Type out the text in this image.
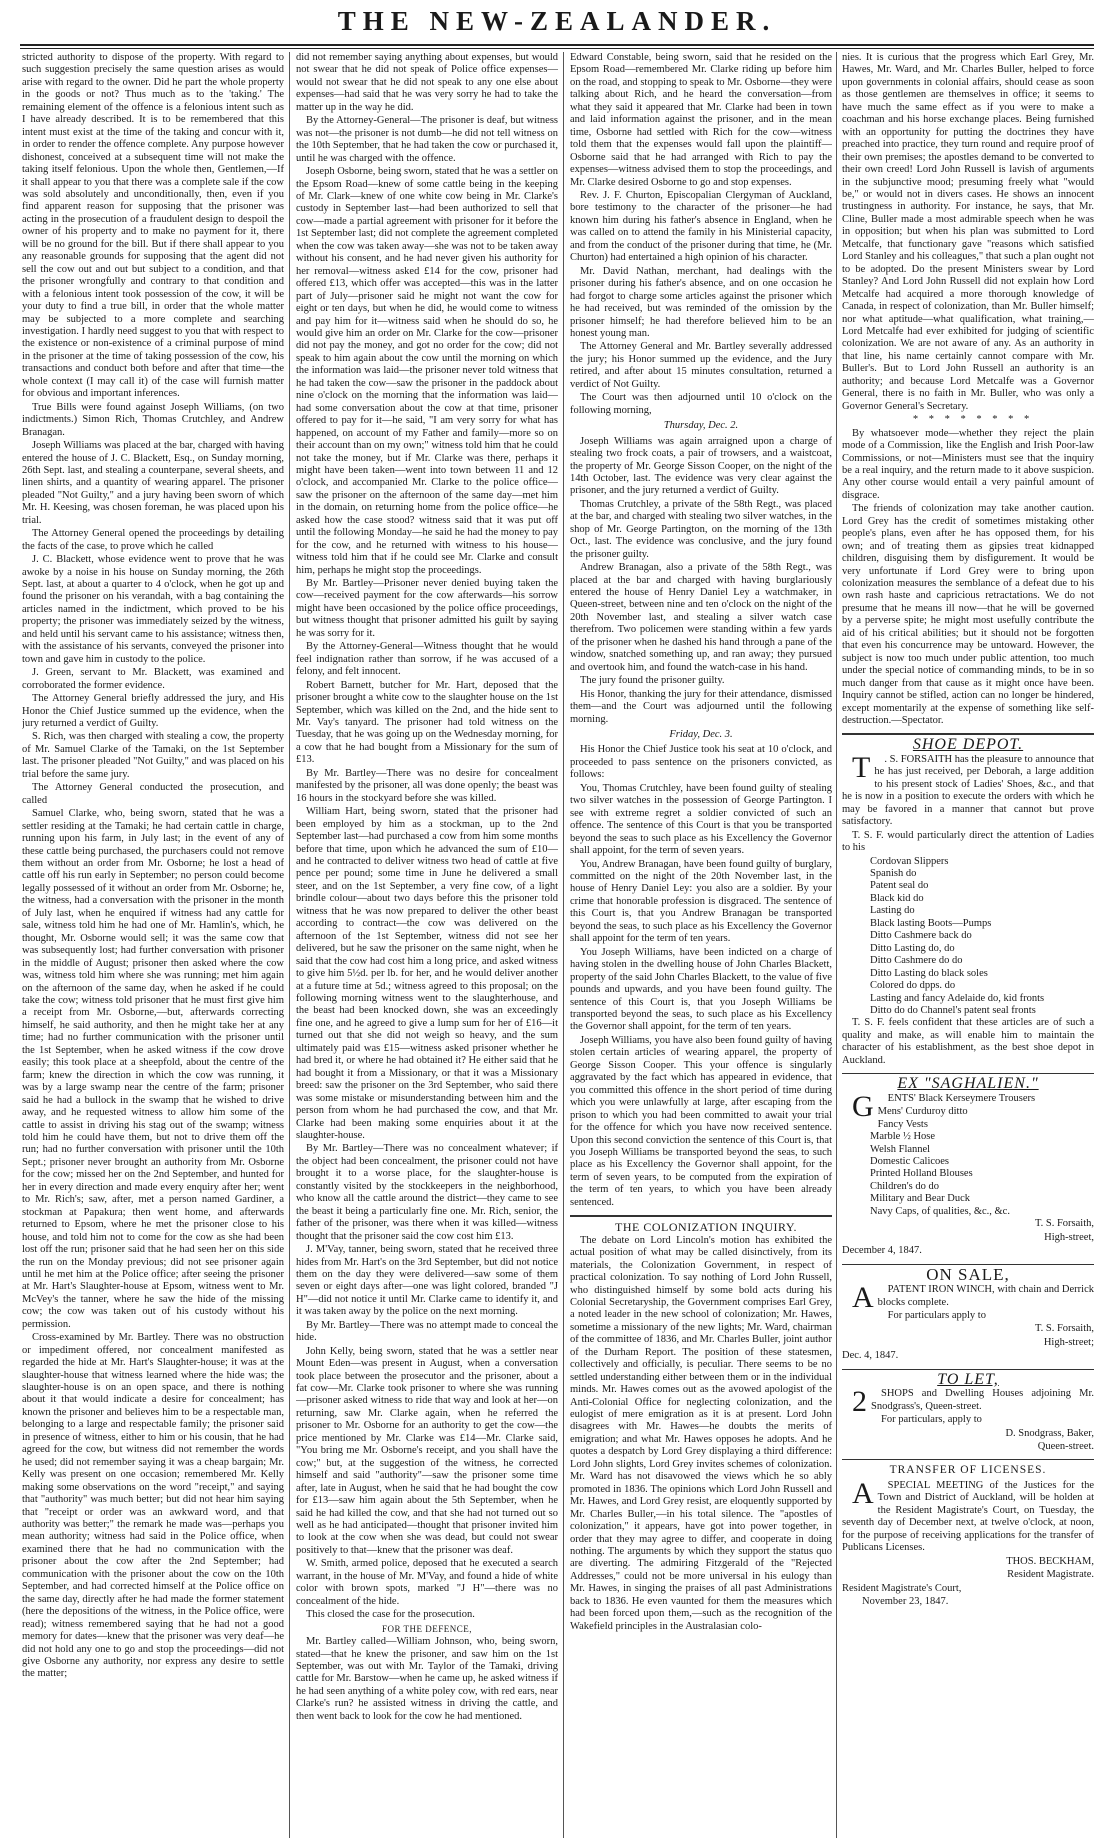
THE NEW-ZEALANDER.

stricted authority to dispose of the property. With regard to such suggestion precisely the same question arises as would arise with regard to the owner. Did he part the whole property in the goods or not? Thus much as to the 'taking.' The remaining element of the offence is a felonious intent such as I have already described. It is to be remembered that this intent must exist at the time of the taking and concur with it, in order to render the offence complete. Any purpose however dishonest, conceived at a subsequent time will not make the taking itself felonious. Upon the whole then, Gentlemen,—If it shall appear to you that there was a complete sale if the cow was sold absolutely and unconditionally, then, even if you find apparent reason for supposing that the prisoner was acting in the prosecution of a fraudulent design to despoil the owner of his property and to make no payment for it, there will be no ground for the bill. But if there shall appear to you any reasonable grounds for supposing that the agent did not sell the cow out and out but subject to a condition, and that the prisoner wrongfully and contrary to that condition and with a felonious intent took possession of the cow, it will be your duty to find a true bill, in order that the whole matter may be subjected to a more complete and searching investigation. I hardly need suggest to you that with respect to the existence or non-existence of a criminal purpose of mind in the prisoner at the time of taking possession of the cow, his transactions and conduct both before and after that time—the whole context (I may call it) of the case will furnish matter for obvious and important inferences.

True Bills were found against Joseph Williams, (on two indictments.) Simon Rich, Thomas Crutchley, and Andrew Branagan.

Joseph Williams was placed at the bar, charged with having entered the house of J. C. Blackett, Esq., on Sunday morning, 26th Sept. last, and stealing a counterpane, several sheets, and linen shirts, and a quantity of wearing apparel. The prisoner pleaded "Not Guilty," and a jury having been sworn of which Mr. H. Keesing, was chosen foreman, he was placed upon his trial.

The Attorney General opened the proceedings by detailing the facts of the case, to prove which he called

J. C. Blackett, whose evidence went to prove that he was awoke by a noise in his house on Sunday morning, the 26th Sept. last, at about a quarter to 4 o'clock, when he got up and found the prisoner on his verandah, with a bag containing the articles named in the indictment, which proved to be his property; the prisoner was immediately seized by the witness, and held until his servant came to his assistance; witness then, with the assistance of his servants, conveyed the prisoner into town and gave him in custody to the police.

J. Green, servant to Mr. Blackett, was examined and corroborated the former evidence.

The Attorney General briefly addressed the jury, and His Honor the Chief Justice summed up the evidence, when the jury returned a verdict of Guilty.

S. Rich, was then charged with stealing a cow, the property of Mr. Samuel Clarke of the Tamaki, on the 1st September last. The prisoner pleaded "Not Guilty," and was placed on his trial before the same jury.

The Attorney General conducted the prosecution, and called

Samuel Clarke, who, being sworn, stated that he was a settler residing at the Tamaki; he had certain cattle in charge, running upon his farm, in July last; in the event of any of these cattle being purchased, the purchasers could not remove them without an order from Mr. Osborne; he lost a head of cattle off his run early in September; no person could become legally possessed of it without an order from Mr. Osborne; he, the witness, had a conversation with the prisoner in the month of July last, when he enquired if witness had any cattle for sale, witness told him he had one of Mr. Hamlin's, which, he thought, Mr. Osborne would sell; it was the same cow that was subsequently lost; had further conversation with prisoner in the middle of August; prisoner then asked where the cow was, witness told him where she was running; met him again on the afternoon of the same day, when he asked if he could take the cow; witness told prisoner that he must first give him a receipt from Mr. Osborne,—but, afterwards correcting himself, he said authority, and then he might take her at any time; had no further communication with the prisoner until the 1st September, when he asked witness if the cow drove easily; this took place at a sheepfold, about the centre of the farm; knew the direction in which the cow was running, it was by a large swamp near the centre of the farm; prisoner said he had a bullock in the swamp that he wished to drive away, and he requested witness to allow him some of the cattle to assist in driving his stag out of the swamp; witness told him he could have them, but not to drive them off the run; had no further conversation with prisoner until the 10th Sept.; prisoner never brought an authority from Mr. Osborne for the cow; missed her on the 2nd September, and hunted for her in every direction and made every enquiry after her; went to Mr. Rich's; saw, after, met a person named Gardiner, a stockman at Papakura; then went home, and afterwards returned to Epsom, where he met the prisoner close to his house, and told him not to come for the cow as she had been lost off the run; prisoner said that he had seen her on this side the run on the Monday previous; did not see prisoner again until he met him at the Police office; after seeing the prisoner at Mr. Hart's Slaughter-house at Epsom, witness went to Mr. McVey's the tanner, where he saw the hide of the missing cow; the cow was taken out of his custody without his permission.

Cross-examined by Mr. Bartley. There was no obstruction or impediment offered, nor concealment manifested as regarded the hide at Mr. Hart's Slaughter-house; it was at the slaughter-house that witness learned where the hide was; the slaughter-house is on an open space, and there is nothing about it that would indicate a desire for concealment; has known the prisoner and believes him to be a respectable man, belonging to a large and respectable family; the prisoner said in presence of witness, either to him or his cousin, that he had agreed for the cow, but witness did not remember the words he used; did not remember saying it was a cheap bargain; Mr. Kelly was present on one occasion; remembered Mr. Kelly making some observations on the word "receipt," and saying that "authority" was much better; but did not hear him saying that "receipt or order was an awkward word, and that authority was better;" the remark he made was—perhaps you mean authority; witness had said in the Police office, when examined there that he had no communication with the prisoner about the cow after the 2nd September; had communication with the prisoner about the cow on the 10th September, and had corrected himself at the Police office on the same day, directly after he had made the former statement (here the depositions of the witness, in the Police office, were read); witness remembered saying that he had not a good memory for dates—knew that the prisoner was very deaf—he did not hold any one to go and stop the proceedings—did not give Osborne any authority, nor express any desire to settle the matter;

did not remember saying anything about expenses, but would not swear that he did not speak of Police office expenses—would not swear that he did not speak to any one else about expenses—had said that he was very sorry he had to take the matter up in the way he did.

By the Attorney-General—The prisoner is deaf, but witness was not—the prisoner is not dumb—he did not tell witness on the 10th September, that he had taken the cow or purchased it, until he was charged with the offence.

Joseph Osborne, being sworn, stated that he was a settler on the Epsom Road—knew of some cattle being in the keeping of Mr. Clark—knew of one white cow being in Mr. Clarke's custody in September last—had been authorized to sell that cow—made a partial agreement with prisoner for it before the 1st September last; did not complete the agreement completed when the cow was taken away—she was not to be taken away without his consent, and he had never given his authority for her removal—witness asked £14 for the cow, prisoner had offered £13, which offer was accepted—this was in the latter part of July—prisoner said he might not want the cow for eight or ten days, but when he did, he would come to witness and pay him for it—witness said when he should do so, he would give him an order on Mr. Clarke for the cow—prisoner did not pay the money, and got no order for the cow; did not speak to him again about the cow until the morning on which the information was laid—the prisoner never told witness that he had taken the cow—saw the prisoner in the paddock about nine o'clock on the morning that the information was laid—had some conversation about the cow at that time, prisoner offered to pay for it—he said, "I am very sorry for what has happened, on account of my Father and family—more so on their account than on my own;" witness told him that he could not take the money, but if Mr. Clarke was there, perhaps it might have been taken—went into town between 11 and 12 o'clock, and accompanied Mr. Clarke to the police office—saw the prisoner on the afternoon of the same day—met him in the domain, on returning home from the police office—he asked how the case stood? witness said that it was put off until the following Monday—he said he had the money to pay for the cow, and he returned with witness to his house—witness told him that if he could see Mr. Clarke and consult him, perhaps he might stop the proceedings.

By Mr. Bartley—Prisoner never denied buying taken the cow—received payment for the cow afterwards—his sorrow might have been occasioned by the police office proceedings, but witness thought that prisoner admitted his guilt by saying he was sorry for it.

By the Attorney-General—Witness thought that he would feel indignation rather than sorrow, if he was accused of a felony, and felt innocent.

Robert Barnett, butcher for Mr. Hart, deposed that the prisoner brought a white cow to the slaughter house on the 1st September, which was killed on the 2nd, and the hide sent to Mr. Vay's tanyard. The prisoner had told witness on the Tuesday, that he was going up on the Wednesday morning, for a cow that he had bought from a Missionary for the sum of £13.

By Mr. Bartley—There was no desire for concealment manifested by the prisoner, all was done openly; the beast was 16 hours in the stockyard before she was killed.

William Hart, being sworn, stated that the prisoner had been employed by him as a stockman, up to the 2nd September last—had purchased a cow from him some months before that time, upon which he advanced the sum of £10—and he contracted to deliver witness two head of cattle at five pence per pound; some time in June he delivered a small steer, and on the 1st September, a very fine cow, of a light brindle colour—about two days before this the prisoner told witness that he was now prepared to deliver the other beast according to contract—the cow was delivered on the afternoon of the 1st September, witness did not see her delivered, but he saw the prisoner on the same night, when he said that the cow had cost him a long price, and asked witness to give him 5½d. per lb. for her, and he would deliver another at a future time at 5d.; witness agreed to this proposal; on the following morning witness went to the slaughterhouse, and the beast had been knocked down, she was an exceedingly fine one, and he agreed to give a lump sum for her of £16—it turned out that she did not weigh so heavy, and the sum ultimately paid was £15—witness asked prisoner whether he had bred it, or where he had obtained it? He either said that he had bought it from a Missionary, or that it was a Missionary breed: saw the prisoner on the 3rd September, who said there was some mistake or misunderstanding between him and the person from whom he had purchased the cow, and that Mr. Clarke had been making some enquiries about it at the slaughter-house.

By Mr. Bartley—There was no concealment whatever; if the object had been concealment, the prisoner could not have brought it to a worse place, for the slaughter-house is constantly visited by the stockkeepers in the neighborhood, who know all the cattle around the district—they came to see the beast it being a particularly fine one. Mr. Rich, senior, the father of the prisoner, was there when it was killed—witness thought that the prisoner said the cow cost him £13.

J. M'Vay, tanner, being sworn, stated that he received three hides from Mr. Hart's on the 3rd September, but did not notice them on the day they were delivered—saw some of them seven or eight days after—one was light colored, branded "J H"—did not notice it until Mr. Clarke came to identify it, and it was taken away by the police on the next morning.

By Mr. Bartley—There was no attempt made to conceal the hide.

John Kelly, being sworn, stated that he was a settler near Mount Eden—was present in August, when a conversation took place between the prosecutor and the prisoner, about a fat cow—Mr. Clarke took prisoner to where she was running—prisoner asked witness to ride that way and look at her—on returning, saw Mr. Clarke again, when he referred the prisoner to Mr. Osborne for an authority to get the cow—the price mentioned by Mr. Clarke was £14—Mr. Clarke said, "You bring me Mr. Osborne's receipt, and you shall have the cow;" but, at the suggestion of the witness, he corrected himself and said "authority"—saw the prisoner some time after, late in August, when he said that he had bought the cow for £13—saw him again about the 5th September, when he said he had killed the cow, and that she had not turned out so well as he had anticipated—thought that prisoner invited him to look at the cow when she was dead, but could not swear positively to that—knew that the prisoner was deaf.

W. Smith, armed police, deposed that he executed a search warrant, in the house of Mr. M'Vay, and found a hide of white color with brown spots, marked "J H"—there was no concealment of the hide.

This closed the case for the prosecution.

FOR THE DEFENCE,

Mr. Bartley called—William Johnson, who, being sworn, stated—that he knew the prisoner, and saw him on the 1st September, was out with Mr. Taylor of the Tamaki, driving cattle for Mr. Barstow—when he came up, he asked witness if he had seen anything of a white poley cow, with red ears, near Clarke's run? he assisted witness in driving the cattle, and then went back to look for the cow he had mentioned.

Edward Constable, being sworn, said that he resided on the Epsom Road—remembered Mr. Clarke riding up before him on the road, and stopping to speak to Mr. Osborne—they were talking about Rich, and he heard the conversation—from what they said it appeared that Mr. Clarke had been in town and laid information against the prisoner, and in the mean time, Osborne had settled with Rich for the cow—witness told them that the expenses would fall upon the plaintiff—Osborne said that he had arranged with Rich to pay the expenses—witness advised them to stop the proceedings, and Mr. Clarke desired Osborne to go and stop expenses.

Rev. J. F. Churton, Episcopalian Clergyman of Auckland, bore testimony to the character of the prisoner—he had known him during his father's absence in England, when he was called on to attend the family in his Ministerial capacity, and from the conduct of the prisoner during that time, he (Mr. Churton) had entertained a high opinion of his character.

Mr. David Nathan, merchant, had dealings with the prisoner during his father's absence, and on one occasion he had forgot to charge some articles against the prisoner which he had received, but was reminded of the omission by the prisoner himself; he had therefore believed him to be an honest young man.

The Attorney General and Mr. Bartley severally addressed the jury; his Honor summed up the evidence, and the Jury retired, and after about 15 minutes consultation, returned a verdict of Not Guilty.

The Court was then adjourned until 10 o'clock on the following morning,

Thursday, Dec. 2.

Joseph Williams was again arraigned upon a charge of stealing two frock coats, a pair of trowsers, and a waistcoat, the property of Mr. George Sisson Cooper, on the night of the 14th October, last. The evidence was very clear against the prisoner, and the jury returned a verdict of Guilty.

Thomas Crutchley, a private of the 58th Regt., was placed at the bar, and charged with stealing two silver watches, in the shop of Mr. George Partington, on the morning of the 13th Oct., last. The evidence was conclusive, and the jury found the prisoner guilty.

Andrew Branagan, also a private of the 58th Regt., was placed at the bar and charged with having burglariously entered the house of Henry Daniel Ley a watchmaker, in Queen-street, between nine and ten o'clock on the night of the 20th November last, and stealing a silver watch case therefrom. Two policemen were standing within a few yards of the prisoner when he dashed his hand through a pane of the window, snatched something up, and ran away; they pursued and overtook him, and found the watch-case in his hand.

The jury found the prisoner guilty.

His Honor, thanking the jury for their attendance, dismissed them—and the Court was adjourned until the following morning.

Friday, Dec. 3.

His Honor the Chief Justice took his seat at 10 o'clock, and proceeded to pass sentence on the prisoners convicted, as follows:

You, Thomas Crutchley, have been found guilty of stealing two silver watches in the possession of George Partington. I see with extreme regret a soldier convicted of such an offence. The sentence of this Court is that you be transported beyond the seas to such place as his Excellency the Governor shall appoint, for the term of seven years.

You, Andrew Branagan, have been found guilty of burglary, committed on the night of the 20th November last, in the house of Henry Daniel Ley: you also are a soldier. By your crime that honorable profession is disgraced. The sentence of this Court is, that you Andrew Branagan be transported beyond the seas, to such place as his Excellency the Governor shall appoint for the term of ten years.

You Joseph Williams, have been indicted on a charge of having stolen in the dwelling house of John Charles Blackett, property of the said John Charles Blackett, to the value of five pounds and upwards, and you have been found guilty. The sentence of this Court is, that you Joseph Williams be transported beyond the seas, to such place as his Excellency the Governor shall appoint, for the term of ten years.

Joseph Williams, you have also been found guilty of having stolen certain articles of wearing apparel, the property of George Sisson Cooper. This your offence is singularly aggravated by the fact which has appeared in evidence, that you committed this offence in the short period of time during which you were unlawfully at large, after escaping from the prison to which you had been committed to await your trial for the offence for which you have now received sentence. Upon this second conviction the sentence of this Court is, that you Joseph Williams be transported beyond the seas, to such place as his Excellency the Governor shall appoint, for the term of seven years, to be computed from the expiration of the term of ten years, to which you have been already sentenced.

THE COLONIZATION INQUIRY.

The debate on Lord Lincoln's motion has exhibited the actual position of what may be called disinctively, from its materials, the Colonization Government, in respect of practical colonization. To say nothing of Lord John Russell, who distinguished himself by some bold acts during his Colonial Secretaryship, the Government comprises Earl Grey, a noted leader in the new school of colonization; Mr. Hawes, sometime a missionary of the new lights; Mr. Ward, chairman of the committee of 1836, and Mr. Charles Buller, joint author of the Durham Report. The position of these statesmen, collectively and officially, is peculiar. There seems to be no settled understanding either between them or in the individual minds. Mr. Hawes comes out as the avowed apologist of the Anti-Colonial Office for neglecting colonization, and the eulogist of mere emigration as it is at present. Lord John disagrees with Mr. Hawes—he doubts the merits of emigration; and what Mr. Hawes opposes he adopts. And he quotes a despatch by Lord Grey displaying a third difference: Lord John slights, Lord Grey invites schemes of colonization. Mr. Ward has not disavowed the views which he so ably promoted in 1836. The opinions which Lord John Russell and Mr. Hawes, and Lord Grey resist, are eloquently supported by Mr. Charles Buller,—in his total silence. The "apostles of colonization," it appears, have got into power together, in order that they may agree to differ, and cooperate in doing nothing. The arguments by which they support the status quo are diverting. The admiring Fitzgerald of the "Rejected Addresses," could not be more universal in his eulogy than Mr. Hawes, in singing the praises of all past Administrations back to 1836. He even vaunted for them the measures which had been forced upon them,—such as the recognition of the Wakefield principles in the Australasian colo-

nies. It is curious that the progress which Earl Grey, Mr. Hawes, Mr. Ward, and Mr. Charles Buller, helped to force upon governments in colonial affairs, should cease as soon as those gentlemen are themselves in office; it seems to have much the same effect as if you were to make a coachman and his horse exchange places. Being furnished with an opportunity for putting the doctrines they have preached into practice, they turn round and require proof of their own premises; the apostles demand to be converted to their own creed! Lord John Russell is lavish of arguments in the subjunctive mood; presuming freely what "would be," or would not in divers cases. He shows an innocent trustingness in authority. For instance, he says, that Mr. Cline, Buller made a most admirable speech when he was in opposition; but when his plan was submitted to Lord Metcalfe, that functionary gave "reasons which satisfied Lord Stanley and his colleagues," that such a plan ought not to be adopted. Do the present Ministers swear by Lord Stanley? And Lord John Russell did not explain how Lord Metcalfe had acquired a more thorough knowledge of Canada, in respect of colonization, than Mr. Buller himself; nor what aptitude—what qualification, what training,—Lord Metcalfe had ever exhibited for judging of scientific colonization. We are not aware of any. As an authority in that line, his name certainly cannot compare with Mr. Buller's. But to Lord John Russell an authority is an authority; and because Lord Metcalfe was a Governor General, there is no faith in Mr. Buller, who was only a Governor General's Secretary.

* * * * * * * *

By whatsoever mode—whether they reject the plain mode of a Commission, like the English and Irish Poor-law Commissions, or not—Ministers must see that the inquiry be a real inquiry, and the return made to it above suspicion. Any other course would entail a very painful amount of disgrace.

The friends of colonization may take another caution. Lord Grey has the credit of sometimes mistaking other people's plans, even after he has opposed them, for his own; and of treating them as gipsies treat kidnapped children, disguising them by disfigurement. It would be very unfortunate if Lord Grey were to bring upon colonization measures the semblance of a defeat due to his own rash haste and capricious retractations. We do not presume that he means ill now—that he will be governed by a perverse spite; he might most usefully contribute the aid of his critical abilities; but it should not be forgotten that even his concurrence may be untoward. However, the subject is now too much under public attention, too much under the special notice of commanding minds, to be in so much danger from that cause as it might once have been. Inquiry cannot be stifled, action can no longer be hindered, except momentarily at the expense of something like self-destruction.—Spectator.

SHOE DEPOT.

T . S. FORSAITH has the pleasure to announce that he has just received, per Deborah, a large addition to his present stock of Ladies' Shoes, &c., and that he is now in a position to execute the orders with which he may be favored in a manner that cannot but prove satisfactory.

T. S. F. would particularly direct the attention of Ladies to his

Cordovan Slippers
Spanish do
Patent seal do
Black kid do
Lasting do
Black lasting Boots—Pumps
Ditto Cashmere back do
Ditto Lasting do, do
Ditto Cashmere do do
Ditto Lasting do black soles
Colored do dpps. do
Lasting and fancy Adelaide do, kid fronts
Ditto do do Channel's patent seal fronts

T. S. F. feels confident that these articles are of such a quality and make, as will enable him to maintain the character of his establishment, as the best shoe depot in Auckland.

EX "SAGHALIEN."

G ENTS' Black Kerseymere Trousers

Mens' Curduroy ditto
Fancy Vests
Marble ½ Hose
Welsh Flannel
Domestic Calicoes
Printed Holland Blouses
Children's do do
Military and Bear Duck
Navy Caps, of qualities, &c., &c.

T. S. Forsaith,

High-street,

December 4, 1847.

ON SALE,

A PATENT IRON WINCH, with chain and Derrick blocks complete.

For particulars apply to

T. S. Forsaith,

High-street;

Dec. 4, 1847.

TO LET,

2 SHOPS and Dwelling Houses adjoining Mr. Snodgrass's, Queen-street.

For particulars, apply to

D. Snodgrass, Baker,

Queen-street.

TRANSFER OF LICENSES.

A SPECIAL MEETING of the Justices for the Town and District of Auckland, will be holden at the Resident Magistrate's Court, on Tuesday, the seventh day of December next, at twelve o'clock, at noon, for the purpose of receiving applications for the transfer of Publicans Licenses.

THOS. BECKHAM,

Resident Magistrate.

Resident Magistrate's Court,

November 23, 1847.
